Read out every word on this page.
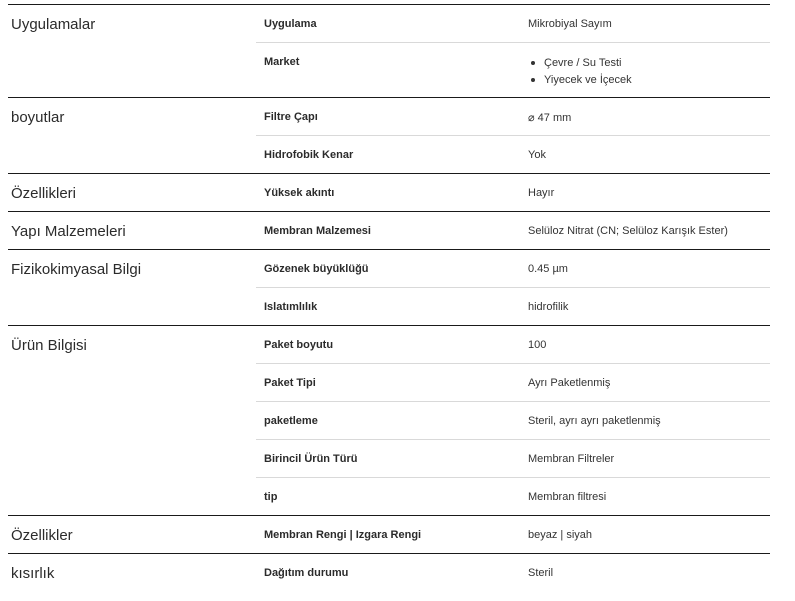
Uygulamalar	Uygulama	Mikrobiyal Sayım
Market	Çevre / Su Testi
Yiyecek ve İçecek
boyutlar	Filtre Çapı	⌀ 47 mm
Hidrofobik Kenar	Yok
Özellikleri	Yüksek akıntı	Hayır
Yapı Malzemeleri	Membran Malzemesi	Selüloz Nitrat (CN; Selüloz Karışık Ester)
Fizikokimyasal Bilgi	Gözenek büyüklüğü	0.45 µm
Islatımlılık	hidrofilik
Ürün Bilgisi	Paket boyutu	100
Paket Tipi	Ayrı Paketlenmiş
paketleme	Steril, ayrı ayrı paketlenmiş
Birincil Ürün Türü	Membran Filtreler
tip	Membran filtresi
Özellikler	Membran Rengi | Izgara Rengi	beyaz | siyah
kısırlık	Dağıtım durumu	Steril
